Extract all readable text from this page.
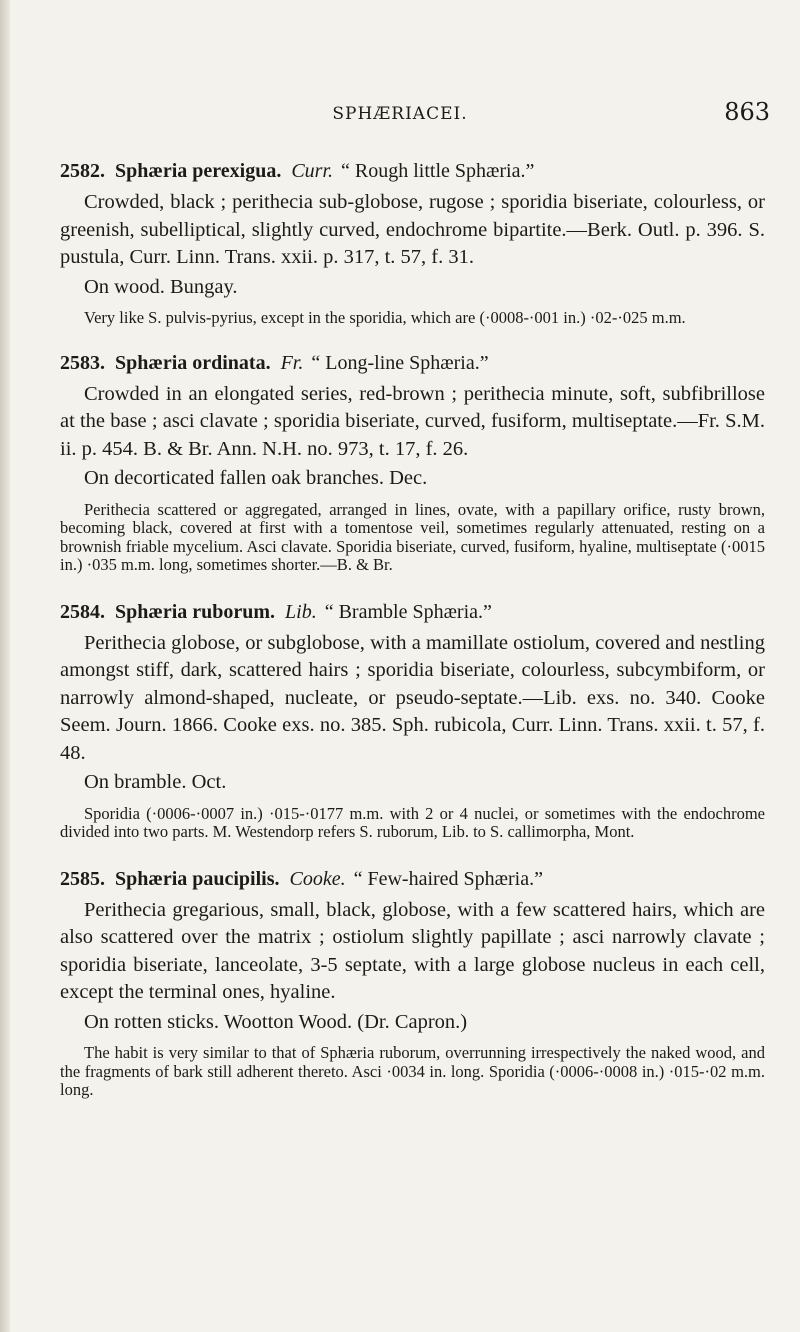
SPHÆRIACEI.	863

2582. Sphæria perexigua. Curr. “ Rough little Sphæria.”

Crowded, black ; perithecia sub-globose, rugose ; sporidia biseriate, colourless, or greenish, subelliptical, slightly curved, endochrome bipartite.—Berk. Outl. p. 396. S. pustula, Curr. Linn. Trans. xxii. p. 317, t. 57, f. 31.

On wood. Bungay.

Very like S. pulvis-pyrius, except in the sporidia, which are (·0008-·001 in.) ·02-·025 m.m.

2583. Sphæria ordinata. Fr. “ Long-line Sphæria.”

Crowded in an elongated series, red-brown ; perithecia minute, soft, subfibrillose at the base ; asci clavate ; sporidia biseriate, curved, fusiform, multiseptate.—Fr. S.M. ii. p. 454. B. & Br. Ann. N.H. no. 973, t. 17, f. 26.

On decorticated fallen oak branches. Dec.

Perithecia scattered or aggregated, arranged in lines, ovate, with a papillary orifice, rusty brown, becoming black, covered at first with a tomentose veil, sometimes regularly attenuated, resting on a brownish friable mycelium. Asci clavate. Sporidia biseriate, curved, fusiform, hyaline, multiseptate (·0015 in.) ·035 m.m. long, sometimes shorter.—B. & Br.

2584. Sphæria ruborum. Lib. “ Bramble Sphæria.”

Perithecia globose, or subglobose, with a mamillate ostiolum, covered and nestling amongst stiff, dark, scattered hairs ; sporidia biseriate, colourless, subcymbiform, or narrowly almond-shaped, nucleate, or pseudo-septate.—Lib. exs. no. 340. Cooke Seem. Journ. 1866. Cooke exs. no. 385. Sph. rubicola, Curr. Linn. Trans. xxii. t. 57, f. 48.

On bramble. Oct.

Sporidia (·0006-·0007 in.) ·015-·0177 m.m. with 2 or 4 nuclei, or sometimes with the endochrome divided into two parts. M. Westendorp refers S. ruborum, Lib. to S. callimorpha, Mont.

2585. Sphæria paucipilis. Cooke. “ Few-haired Sphæria.”

Perithecia gregarious, small, black, globose, with a few scattered hairs, which are also scattered over the matrix ; ostiolum slightly papillate ; asci narrowly clavate ; sporidia biseriate, lanceolate, 3-5 septate, with a large globose nucleus in each cell, except the terminal ones, hyaline.

On rotten sticks. Wootton Wood. (Dr. Capron.)

The habit is very similar to that of Sphæria ruborum, overrunning irrespectively the naked wood, and the fragments of bark still adherent thereto. Asci ·0034 in. long. Sporidia (·0006-·0008 in.) ·015-·02 m.m. long.
